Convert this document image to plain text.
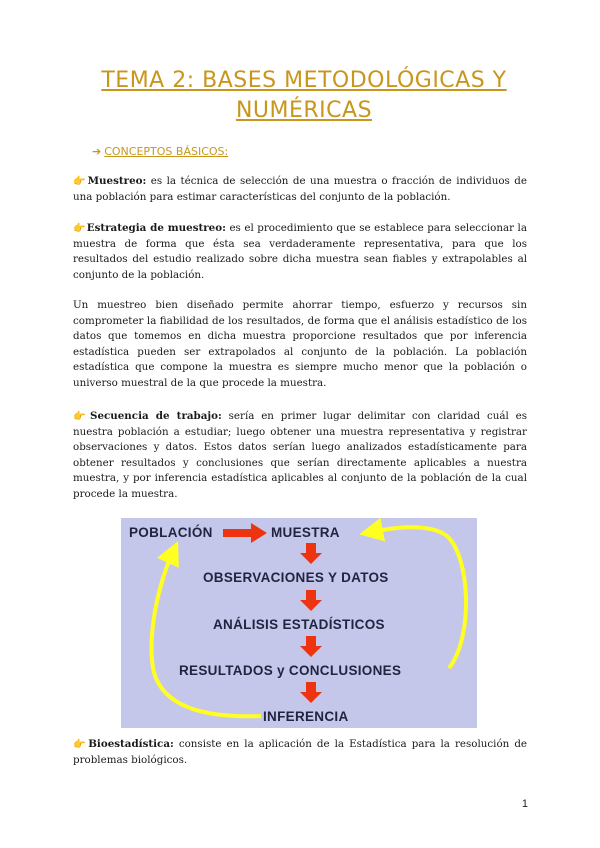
TEMA 2: BASES METODOLÓGICAS Y NUMÉRICAS
➔ CONCEPTOS BÁSICOS:

👉Muestreo: es la técnica de selección de una muestra o fracción de individuos de una población para estimar características del conjunto de la población.

👉Estrategia de muestreo: es el procedimiento que se establece para seleccionar la muestra de forma que ésta sea verdaderamente representativa, para que los resultados del estudio realizado sobre dicha muestra sean fiables y extrapolables al conjunto de la población.

Un muestreo bien diseñado permite ahorrar tiempo, esfuerzo y recursos sin comprometer la fiabilidad de los resultados, de forma que el análisis estadístico de los datos que tomemos en dicha muestra proporcione resultados que por inferencia estadística pueden ser extrapolados al conjunto de la población. La población estadística que compone la muestra es siempre mucho menor que la población o universo muestral de la que procede la muestra.

👉Secuencia de trabajo: sería en primer lugar delimitar con claridad cuál es nuestra población a estudiar; luego obtener una muestra representativa y registrar observaciones y datos. Estos datos serían luego analizados estadísticamente para obtener resultados y conclusiones que serían directamente aplicables a nuestra muestra, y por inferencia estadística aplicables al conjunto de la población de la cual procede la muestra.

POBLACIÓN	MUESTRA
OBSERVACIONES Y DATOS
ANÁLISIS ESTADÍSTICOS
RESULTADOS y CONCLUSIONES
INFERENCIA

👉Bioestadística: consiste en la aplicación de la Estadística para la resolución de problemas biológicos.

1
